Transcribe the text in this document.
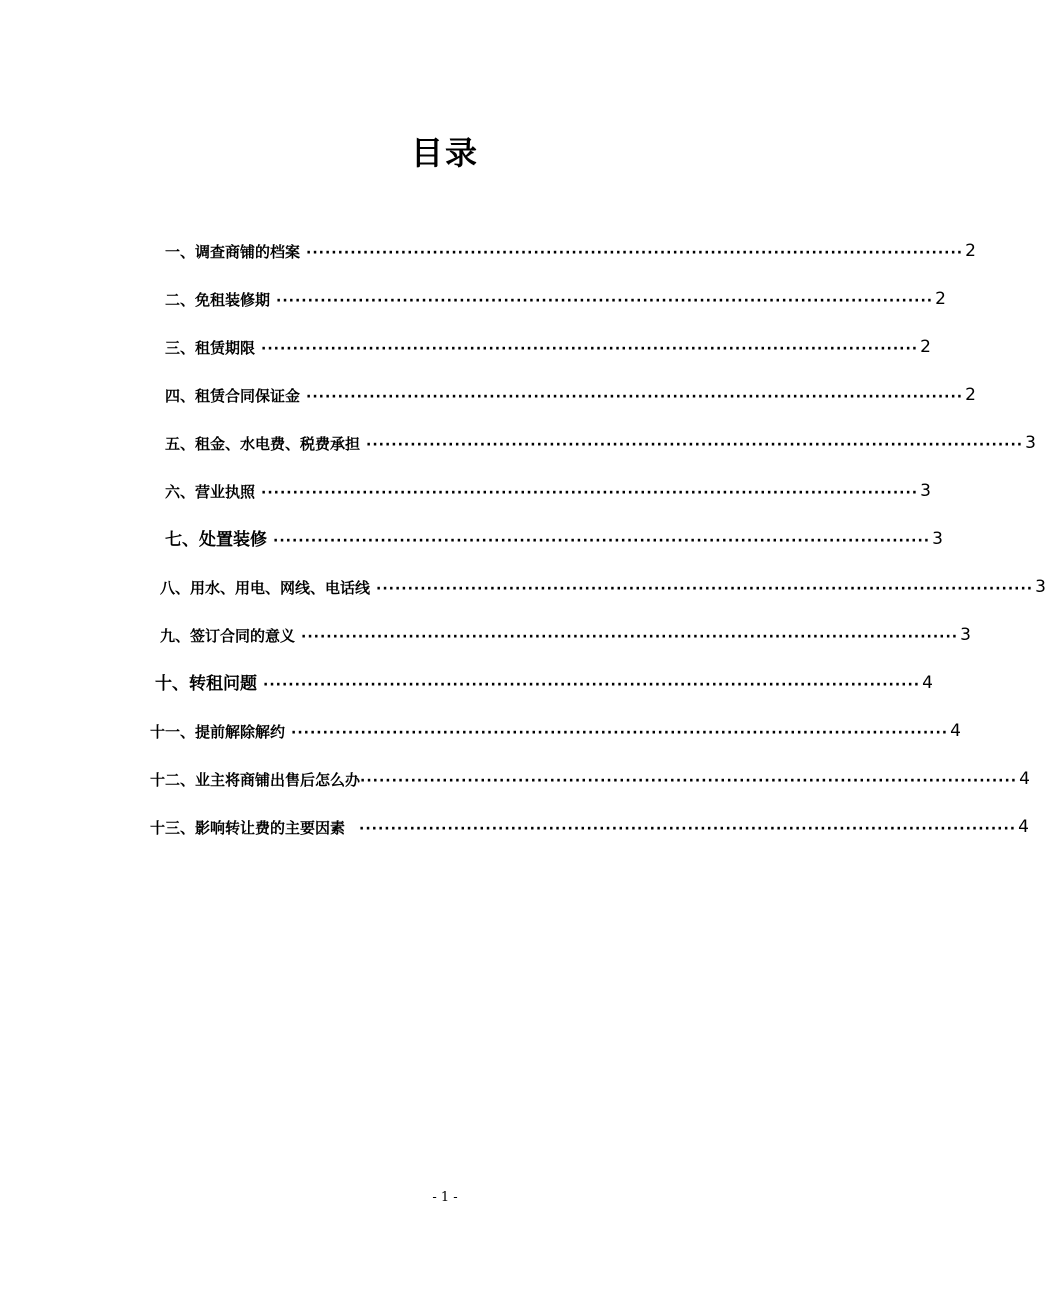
目录
一、调查商铺的档案 ········································································································ 2
二、免租装修期 ········································································································ 2
三、租赁期限 ········································································································ 2
四、租赁合同保证金 ········································································································ 2
五、租金、水电费、税费承担 ········································································································ 3
六、营业执照 ········································································································ 3
七、处置装修 ········································································································ 3
八、用水、用电、网线、电话线 ········································································································ 3
九、签订合同的意义 ········································································································ 3
十、转租问题 ········································································································ 4
十一、提前解除解约 ········································································································ 4
十二、业主将商铺出售后怎么办 ········································································································ 4
十三、影响转让费的主要因素	········································································································ 4
- 1 -
